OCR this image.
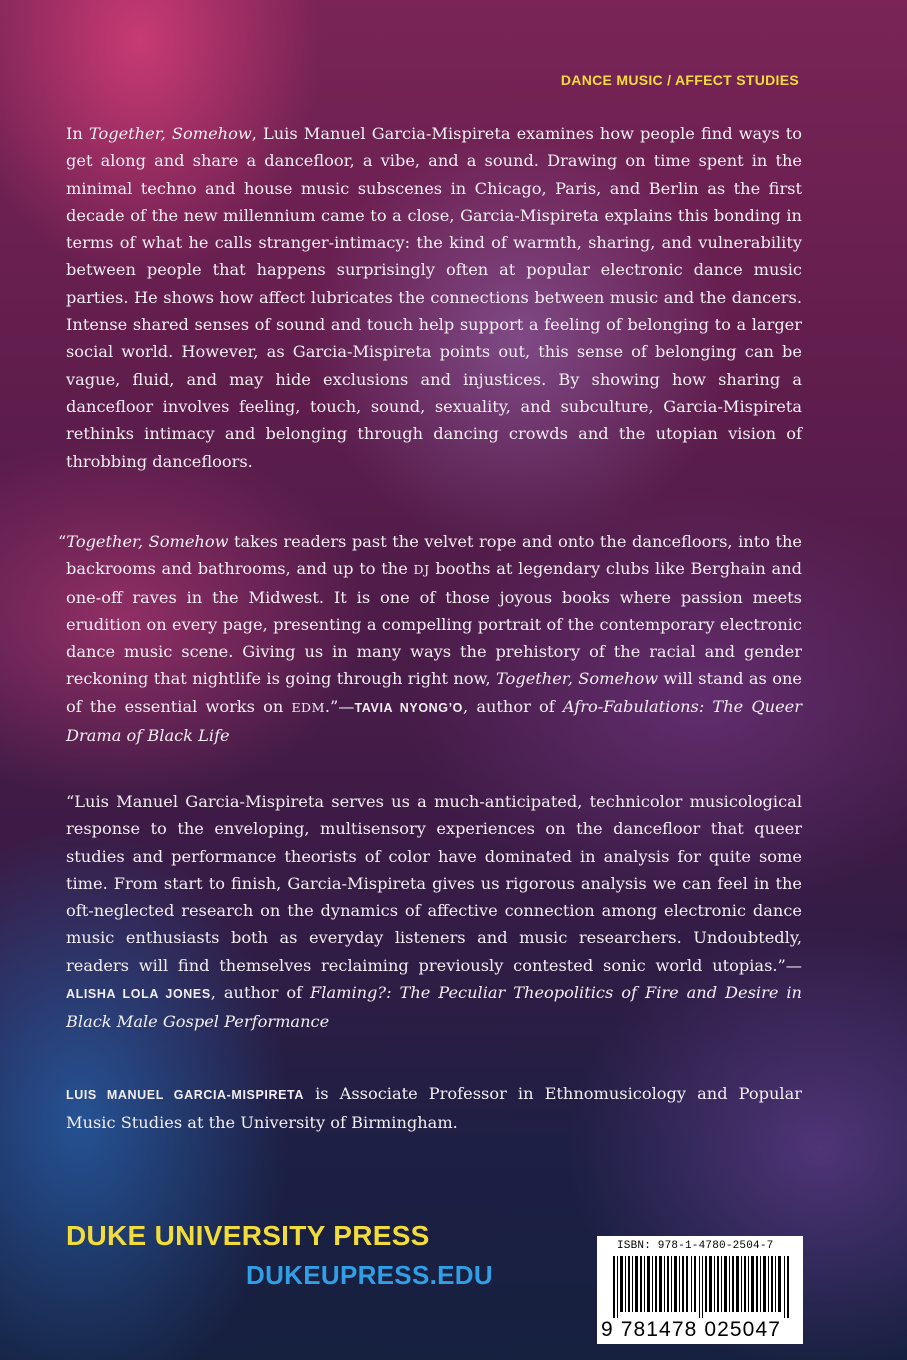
DANCE MUSIC / AFFECT STUDIES

In Together, Somehow, Luis Manuel Garcia-Mispireta examines how people find ways to get along and share a dancefloor, a vibe, and a sound. Drawing on time spent in the minimal techno and house music subscenes in Chicago, Paris, and Berlin as the first decade of the new millennium came to a close, Garcia-Mispireta explains this bonding in terms of what he calls stranger-intimacy: the kind of warmth, sharing, and vulnerability between people that happens surprisingly often at popular electronic dance music parties. He shows how affect lubricates the connections between music and the dancers. Intense shared senses of sound and touch help support a feeling of belonging to a larger social world. However, as Garcia-Mispireta points out, this sense of belonging can be vague, fluid, and may hide exclusions and injustices. By showing how sharing a dancefloor involves feeling, touch, sound, sexuality, and subculture, Garcia-Mispireta rethinks intimacy and belonging through dancing crowds and the utopian vision of throbbing dancefloors.

“Together, Somehow takes readers past the velvet rope and onto the dancefloors, into the backrooms and bathrooms, and up to the DJ booths at legendary clubs like Berghain and one-off raves in the Midwest. It is one of those joyous books where passion meets erudition on every page, presenting a compelling portrait of the contemporary electronic dance music scene. Giving us in many ways the prehistory of the racial and gender reckoning that nightlife is going through right now, Together, Somehow will stand as one of the essential works on EDM.”—TAVIA NYONG’O, author of Afro-Fabulations: The Queer Drama of Black Life
“Luis Manuel Garcia-Mispireta serves us a much-anticipated, technicolor musicological response to the enveloping, multisensory experiences on the dancefloor that queer studies and performance theorists of color have dominated in analysis for quite some time. From start to finish, Garcia-Mispireta gives us rigorous analysis we can feel in the oft-neglected research on the dynamics of affective connection among electronic dance music enthusiasts both as everyday listeners and music researchers. Undoubtedly, readers will find themselves reclaiming previously contested sonic world utopias.”—ALISHA LOLA JONES, author of Flaming?: The Peculiar Theopolitics of Fire and Desire in Black Male Gospel Performance
LUIS MANUEL GARCIA-MISPIRETA is Associate Professor in Ethnomusicology and Popular Music Studies at the University of Birmingham.
DUKE UNIVERSITY PRESS
DUKEUPRESS.EDU
ISBN: 978-1-4780-2504-7
9 781478 025047
